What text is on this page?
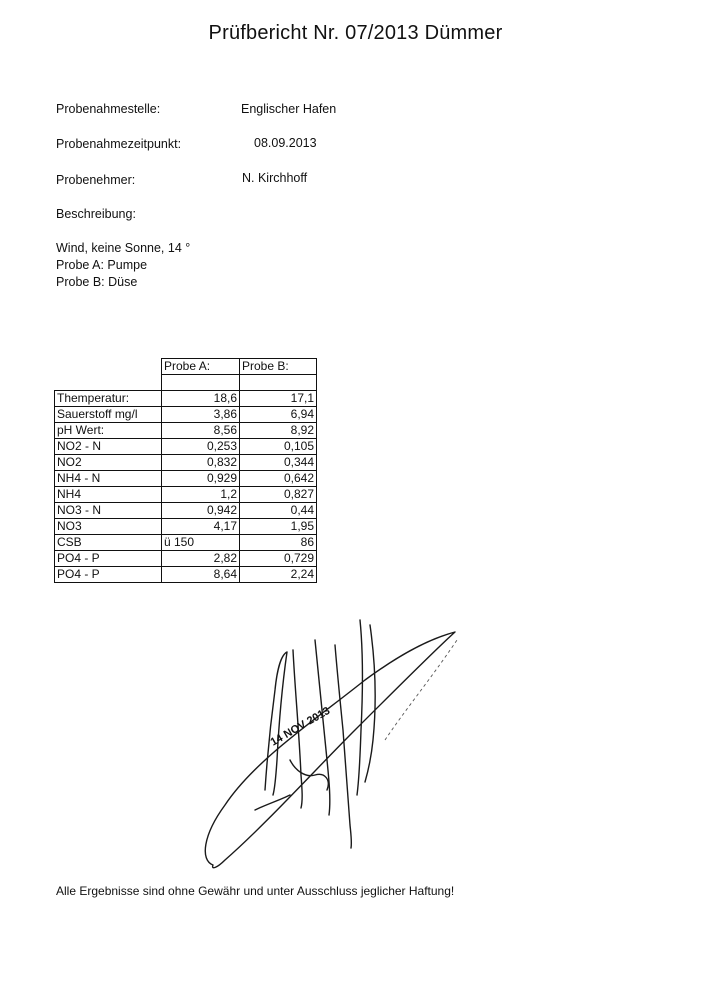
Prüfbericht Nr. 07/2013 Dümmer
Probenahmestelle:	Englischer Hafen
Probenahmezeitpunkt:	08.09.2013
Probenehmer:	N. Kirchhoff
Beschreibung:
Wind, keine Sonne, 14 °
Probe A: Pumpe
Probe B: Düse
	Probe A:	Probe B:

Themperatur:	18,6	17,1
Sauerstoff mg/l	3,86	6,94
pH Wert:	8,56	8,92
NO2 - N	0,253	0,105
NO2	0,832	0,344
NH4 - N	0,929	0,642
NH4	1,2	0,827
NO3 - N	0,942	0,44
NO3	4,17	1,95
CSB	ü 150	86
PO4 - P	2,82	0,729
PO4 - P	8,64	2,24
14 NOV 2013
Alle Ergebnisse sind ohne Gewähr und unter Ausschluss jeglicher Haftung!
